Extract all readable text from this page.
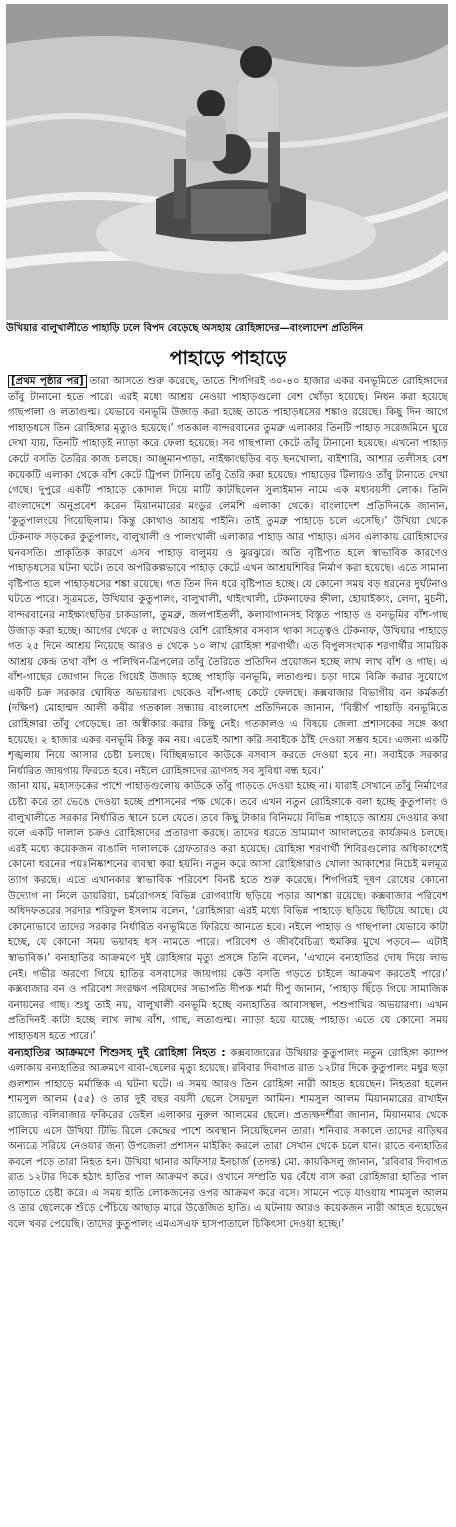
উখিয়ার বালুখালীতে পাহাড়ি ঢলে বিপদ বেড়েছে অসহায় রোহিঙ্গাদের—বাংলাদেশ প্রতিদিন
পাহাড়ে পাহাড়ে

[প্রথম পৃষ্ঠার পর] তারা আসতে শুরু করেছে, তাতে শিগগিরই ৩০-৪০ হাজার একর বনভূমিতে রোহিঙ্গাদের তাঁবু টানানো হতে পারে। এরই মধ্যে আশ্রয় নেওয়া পাহাড়গুলো বেশ খোঁড়া হয়েছে। নিধন করা হয়েছে গাছপালা ও লতাগুল্ম। যেভাবে বনভূমি উজাড় করা হচ্ছে তাতে পাহাড়ধসের শঙ্কাও রয়েছে। কিছু দিন আগে পাহাড়ধসে তিন রোহিঙ্গার মৃত্যুও হয়েছে।’ গতকাল বান্দরবানের তুমব্রু এলাকার তিনটি পাহাড় সরেজমিনে ঘুরে দেখা যায়, তিনটি পাহাড়ই ন্যাড়া করে ফেলা হয়েছে। সব গাছপালা কেটে তাঁবু টানানো হয়েছে। এখনো পাহাড় কেটে বসতি তৈরির কাজ চলছে। আঞ্জুমানপাড়া, নাইক্ষ্যংছড়ির বড় ছনখোলা, বাইশারি, আশার তলীসহ বেশ কয়েকটি এলাকা থেকে বাঁশ কেটে ট্রিপল টানিয়ে তাঁবু তৈরি করা হয়েছে। পাহাড়ের টিলায়ও তাঁবু টানাতে দেখা গেছে। দুপুরে একটি পাহাড়ে কোদাল দিয়ে মাটি কাটছিলেন সুলাইমান নামে এক মধ্যবয়সী লোক। তিনি বাংলাদেশে অনুপ্রবেশ করেন মিয়ানমারের মংডুর লেমশি এলাকা থেকে। বাংলাদেশ প্রতিদিনকে জানান, ‘কুতুপালংয়ে গিয়েছিলাম। কিন্তু কোথাও আশ্রয় পাইনি। তাই তুমব্রু পাহাড়ে চলে এসেছি।’ উখিয়া থেকে টেকনাফ সড়কের কুতুপালং, বালুখালী ও পালংখালী এলাকার পাহাড় আর পাহাড়। এসব এলাকায় রোহিঙ্গাদের ঘনবসতি। প্রাকৃতিক কারণে এসব পাহাড় বালুময় ও ঝুরঝুরে। অতি বৃষ্টিপাত হলে স্বাভাবিক কারণেও পাহাড়ধসের ঘটনা ঘটে। তবে অপরিকল্পভাবে পাহাড় কেটে এখন আশ্রয়শিবির নির্মাণ করা হয়েছে। এতে সামান্য বৃষ্টিপাত হলে পাহাড়ধসের শঙ্কা রয়েছে। গত তিন দিন ধরে বৃষ্টিপাত হচ্ছে। যে কোনো সময় বড় ধরনের দুর্ঘটনাও ঘটতে পারে। সূত্রমতে, উখিয়ার কুতুপালং, বালুখালী, থাইংখালী, টেকনাফের হ্নীলা, হোয়াইক্যং, লেদা, মুচনী, বান্দরবানের নাইক্ষ্যংছড়ির চাকডালা, তুমব্রু, জলপাইতলী, কলাবাগানসহ বিস্তৃত পাহাড় ও বনভূমির বাঁশ-গাছ উজাড় করা হচ্ছে। আগের থেকে ৫ লাখেরও বেশি রোহিঙ্গার বসবাস থাকা সত্ত্বেও টেকনাফ, উখিয়ার পাহাড়ে গত ২৫ দিনে আশ্রয় নিয়েছে আরও ৪ থেকে ১০ লাখ রোহিঙ্গা শরণার্থী। এত বিপুলসংখ্যক শরণার্থীর সাময়িক আশ্রয় কেন্দ্র তথা বাঁশ ও পলিথিন-ত্রিপলের তাঁবু তৈরিতে প্রতিদিন প্রয়োজন হচ্ছে লাখ লাখ বাঁশ ও গাছ। এ বাঁশ-গাছের জোগান দিতে গিয়েই উজাড় হচ্ছে পাহাড়ি বনভূমি, লতাগুল্ম। চড়া দামে বিক্রি করার সুযোগে একটি চক্র সরকার ঘোষিত অভয়ারণ্য থেকেও বাঁশ-গাছ কেটে ফেলছে। কক্সবাজার বিভাগীয় বন কর্মকর্তা (দক্ষিণ) মোহাম্মদ আলী কবীর গতকাল সন্ধ্যায় বাংলাদেশ প্রতিদিনকে জানান, ‘বিস্তীর্ণ পাহাড়ি বনভূমিতে রোহিঙ্গারা তাঁবু গেড়েছে। তা অস্বীকার করার কিছু নেই। গতকালও এ বিষয়ে জেলা প্রশাসকের সঙ্গে কথা হয়েছে। ২ হাজার একর বনভূমি কিন্তু কম নয়। এতেই আশা করি সবাইকে ঠাঁই দেওয়া সম্ভব হবে। এজন্য একটি শৃঙ্খলায় নিয়ে আসার চেষ্টা চলছে। বিচ্ছিন্নভাবে কাউকে বসবাস করতে দেওয়া হবে না। সবাইকে সরকার নির্ধারিত জায়গায় ফিরতে হবে। নইলে রোহিঙ্গাদের ত্রাণসহ সব সুবিধা বন্ধ হবে।’

জানা যায়, মহাসড়কের পাশে পাহাড়গুলোয় কাউকে তাঁবু গাড়তে দেওয়া হচ্ছে না। যারাই সেখানে তাঁবু নির্মাণের চেষ্টা করে তা ভেঙে দেওয়া হচ্ছে প্রশাসনের পক্ষ থেকে। তবে এখন নতুন রোহিঙ্গাকে বলা হচ্ছে কুতুপালং ও বালুখালীতে সরকার নির্ধারিত স্থানে চলে যেতে। তবে কিছু টাকার বিনিময়ে বিভিন্ন পাহাড়ে আশ্রয় দেওয়ার কথা বলে একটি দালাল চক্রও রোহিঙ্গাদের প্রতারণা করছে। তাদের ধরতে ভ্রাম্যমাণ আদালতের কার্যক্রমও চলছে। এরই মধ্যে কয়েকজন বাঙালি দালালকে গ্রেফতারও করা হয়েছে। রোহিঙ্গা শরণার্থী শিবিরগুলোর অধিকাংশেই কোনো ধরনের পয়ঃনিষ্কাশনের ব্যবস্থা করা হয়নি। নতুন করে আসা রোহিঙ্গারাও খোলা আকাশের নিচেই মলমূত্র ত্যাগ করছে। এতে এখানকার স্বাভাবিক পরিবেশ বিনষ্ট হতে শুরু করেছে। শিগগিরই দূষণ রোধের কোনো উদ্যোগ না নিলে ডায়রিয়া, চর্মরোগসহ বিভিন্ন রোগব্যাধি ছড়িয়ে পড়ার আশঙ্কা রয়েছে। কক্সবাজার পরিবেশ অধিদফতরের সরদার শরিফুল ইসলাম বলেন, ‘রোহিঙ্গারা এরই মধ্যে বিভিন্ন পাহাড়ে ছড়িয়ে ছিটিয়ে আছে। যে কোনোভাবে তাদের সরকার নির্ধারিত বনভূমিতে ফিরিয়ে আনতে হবে। নইলে পাহাড় ও গাছপালা যেভাবে কাটা হচ্ছে, যে কোনো সময় ভয়াবহ ধস নামতে পারে। পরিবেশ ও জীববৈচিত্র্য হুমকির মুখে পড়বে— এটাই স্বাভাবিক।’ বন্যহাতির আক্রমণে দুই রোহিঙ্গার মৃত্যু প্রসঙ্গে তিনি বলেন, ‘এখানে বন্যহাতির দোষ দিয়ে লাভ নেই। গভীর অরণ্যে গিয়ে হাতির বসবাসের জায়গায় কেউ বসতি গড়তে চাইলে আক্রমণ করতেই পারে।’ কক্সবাজার বন ও পরিবেশ সংরক্ষণ পরিষদের সভাপতি দীপক শর্মা দীপু জানান, ‘পাহাড় ছিঁড়ে গিয়ে সামাজিক বনায়নের গাছ। শুধু তাই নয়, বালুখালী বনভূমি হচ্ছে বন্যহাতির আবাসস্থল, পশুপাখির অভয়ারণ্য। এখন প্রতিদিনই কাটা হচ্ছে লাখ লাখ বাঁশ, গাছ, লতাগুল্ম। ন্যাড়া হয়ে যাচ্ছে পাহাড়। এতে যে কোনো সময় পাহাড়ধস হতে পারে।’

বন্যহাতির আক্রমণে শিশুসহ দুই রোহিঙ্গা নিহত : কক্সবাজারের উখিয়ার কুতুপালং নতুন রোহিঙ্গা ক্যাম্প এলাকায় বন্যহাতির আক্রমণে বাবা-ছেলের মৃত্যু হয়েছে। রবিবার দিবাগত রাত ১২টার দিকে কুতুপালং মধুর ছড়া গুলশান পাহাড়ে মর্মান্তিক এ ঘটনা ঘটে। এ সময় আরও তিন রোহিঙ্গা নারী আহত হয়েছেন। নিহতরা হলেন শামসুল আলম (৫৫) ও তার দুই বছর বয়সী ছেলে সৈয়দুল আমিন। শামসুল আলম মিয়ানমারের রাখাইন রাজ্যের বলিবাজার ফকিরের ডেইল এলাকার নুরুল আলমের ছেলে। প্রত্যক্ষদর্শীরা জানান, মিয়ানমার থেকে পালিয়ে এসে উখিয়া টিভি রিলে কেন্দ্রের পাশে অবস্থান নিয়েছিলেন তারা। শনিবার সকালে তাদের বাড়িঘর অন্যত্রে সরিয়ে নেওয়ার জন্য উপজেলা প্রশাসন মাইকিং করলে তারা সেখান থেকে চলে যান। রাতে বন্যহাতির কবলে পড়ে তারা নিহত হন। উখিয়া থানার অফিসার ইনচার্জ (তদন্ত) মো. কায়কিসলু জানান, ‘রবিবার দিবাগত রাত ১২টার দিকে হঠাৎ হাতির পাল আক্রমণ করে। ওখানে সম্প্রতি ঘর বেঁধে বাস করা রোহিঙ্গারা হাতির পাল তাড়াতে চেষ্টা করে। এ সময় হাতি লোকজনের ওপর আক্রমণ করে বসে। সামনে পড়ে যাওয়ায় শামসুল আলম ও তার ছেলেকে শুঁড়ে পেঁচিয়ে আছাড় মারে উত্তেজিত হাতি। এ ঘটনায় আরও কয়েকজন নারী আহত হয়েছেন বলে খবর পেয়েছি। তাদের কুতুপালং এমএসএফ হাসপাতালে চিকিৎসা দেওয়া হচ্ছে।’
